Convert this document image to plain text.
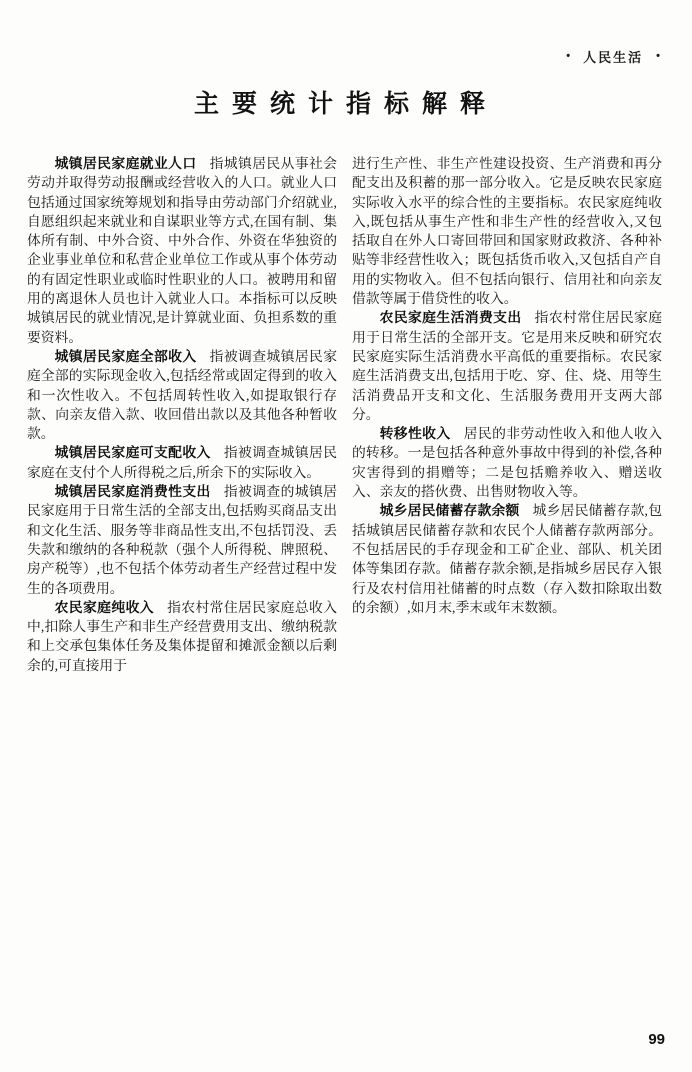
• 人民生活 •
主要统计指标解释

城镇居民家庭就业人口 指城镇居民从事社会劳动并取得劳动报酬或经营收入的人口。就业人口包括通过国家统筹规划和指导由劳动部门介绍就业,自愿组织起来就业和自谋职业等方式,在国有制、集体所有制、中外合资、中外合作、外资在华独资的企业事业单位和私营企业单位工作或从事个体劳动的有固定性职业或临时性职业的人口。被聘用和留用的离退休人员也计入就业人口。本指标可以反映城镇居民的就业情况,是计算就业面、负担系数的重要资料。

城镇居民家庭全部收入 指被调查城镇居民家庭全部的实际现金收入,包括经常或固定得到的收入和一次性收入。不包括周转性收入,如提取银行存款、向亲友借入款、收回借出款以及其他各种暂收款。

城镇居民家庭可支配收入 指被调查城镇居民家庭在支付个人所得税之后,所余下的实际收入。

城镇居民家庭消费性支出 指被调查的城镇居民家庭用于日常生活的全部支出,包括购买商品支出和文化生活、服务等非商品性支出,不包括罚没、丢失款和缴纳的各种税款（强个人所得税、牌照税、房产税等）,也不包括个体劳动者生产经营过程中发生的各项费用。

农民家庭纯收入 指农村常住居民家庭总收入中,扣除人事生产和非生产经营费用支出、缴纳税款和上交承包集体任务及集体提留和摊派金额以后剩余的,可直接用于

进行生产性、非生产性建设投资、生产消费和再分配支出及积蓄的那一部分收入。它是反映农民家庭实际收入水平的综合性的主要指标。农民家庭纯收入,既包括从事生产性和非生产性的经营收入,又包括取自在外人口寄回带回和国家财政救济、各种补贴等非经营性收入；既包括货币收入,又包括自产自用的实物收入。但不包括向银行、信用社和向亲友借款等属于借贷性的收入。

农民家庭生活消费支出 指农村常住居民家庭用于日常生活的全部开支。它是用来反映和研究农民家庭实际生活消费水平高低的重要指标。农民家庭生活消费支出,包括用于吃、穿、住、烧、用等生活消费品开支和文化、生活服务费用开支两大部分。

转移性收入 居民的非劳动性收入和他人收入的转移。一是包括各种意外事故中得到的补偿,各种灾害得到的捐赠等；二是包括赡养收入、赠送收入、亲友的搭伙费、出售财物收入等。

城乡居民储蓄存款余额 城乡居民储蓄存款,包括城镇居民储蓄存款和农民个人储蓄存款两部分。不包括居民的手存现金和工矿企业、部队、机关团体等集团存款。储蓄存款余额,是指城乡居民存入银行及农村信用社储蓄的时点数（存入数扣除取出数的余额）,如月末,季末或年末数额。

99
